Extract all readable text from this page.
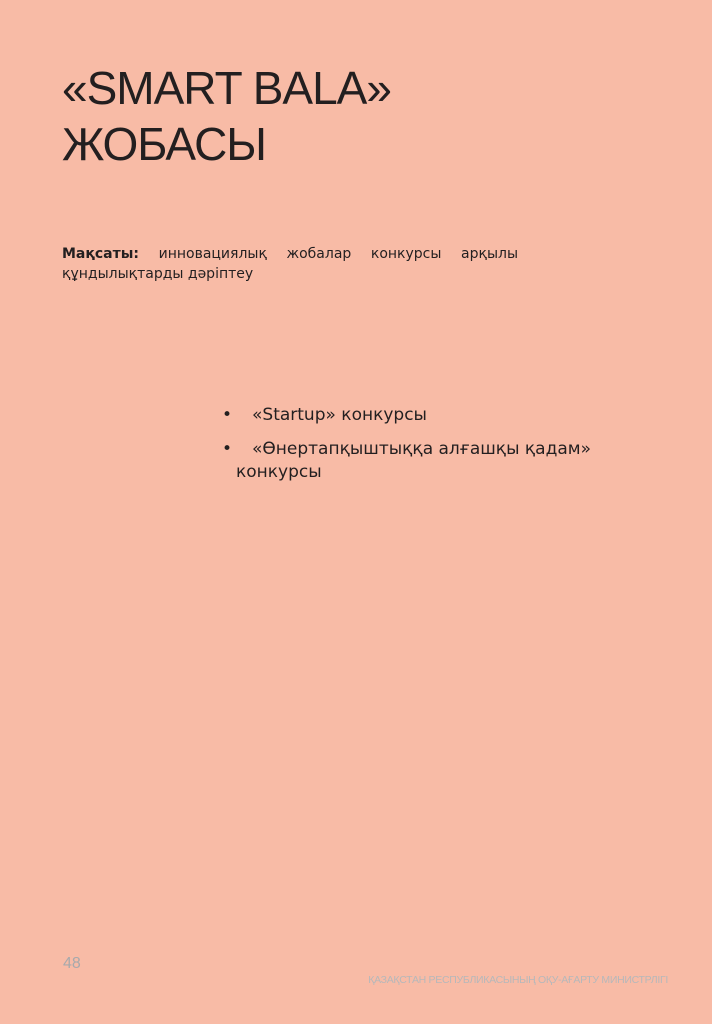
«SMART BALA»
ЖОБАСЫ

Мақсаты: инновациялық жобалар конкурсы арқылы құндылықтарды дәріптеу

• «Startup» конкурсы
• «Өнертапқыштыққа алғашқы қадам» конкурсы
48
ҚАЗАҚСТАН РЕСПУБЛИКАСЫНЫҢ ОҚУ-АҒАРТУ МИНИСТРЛІГІ
